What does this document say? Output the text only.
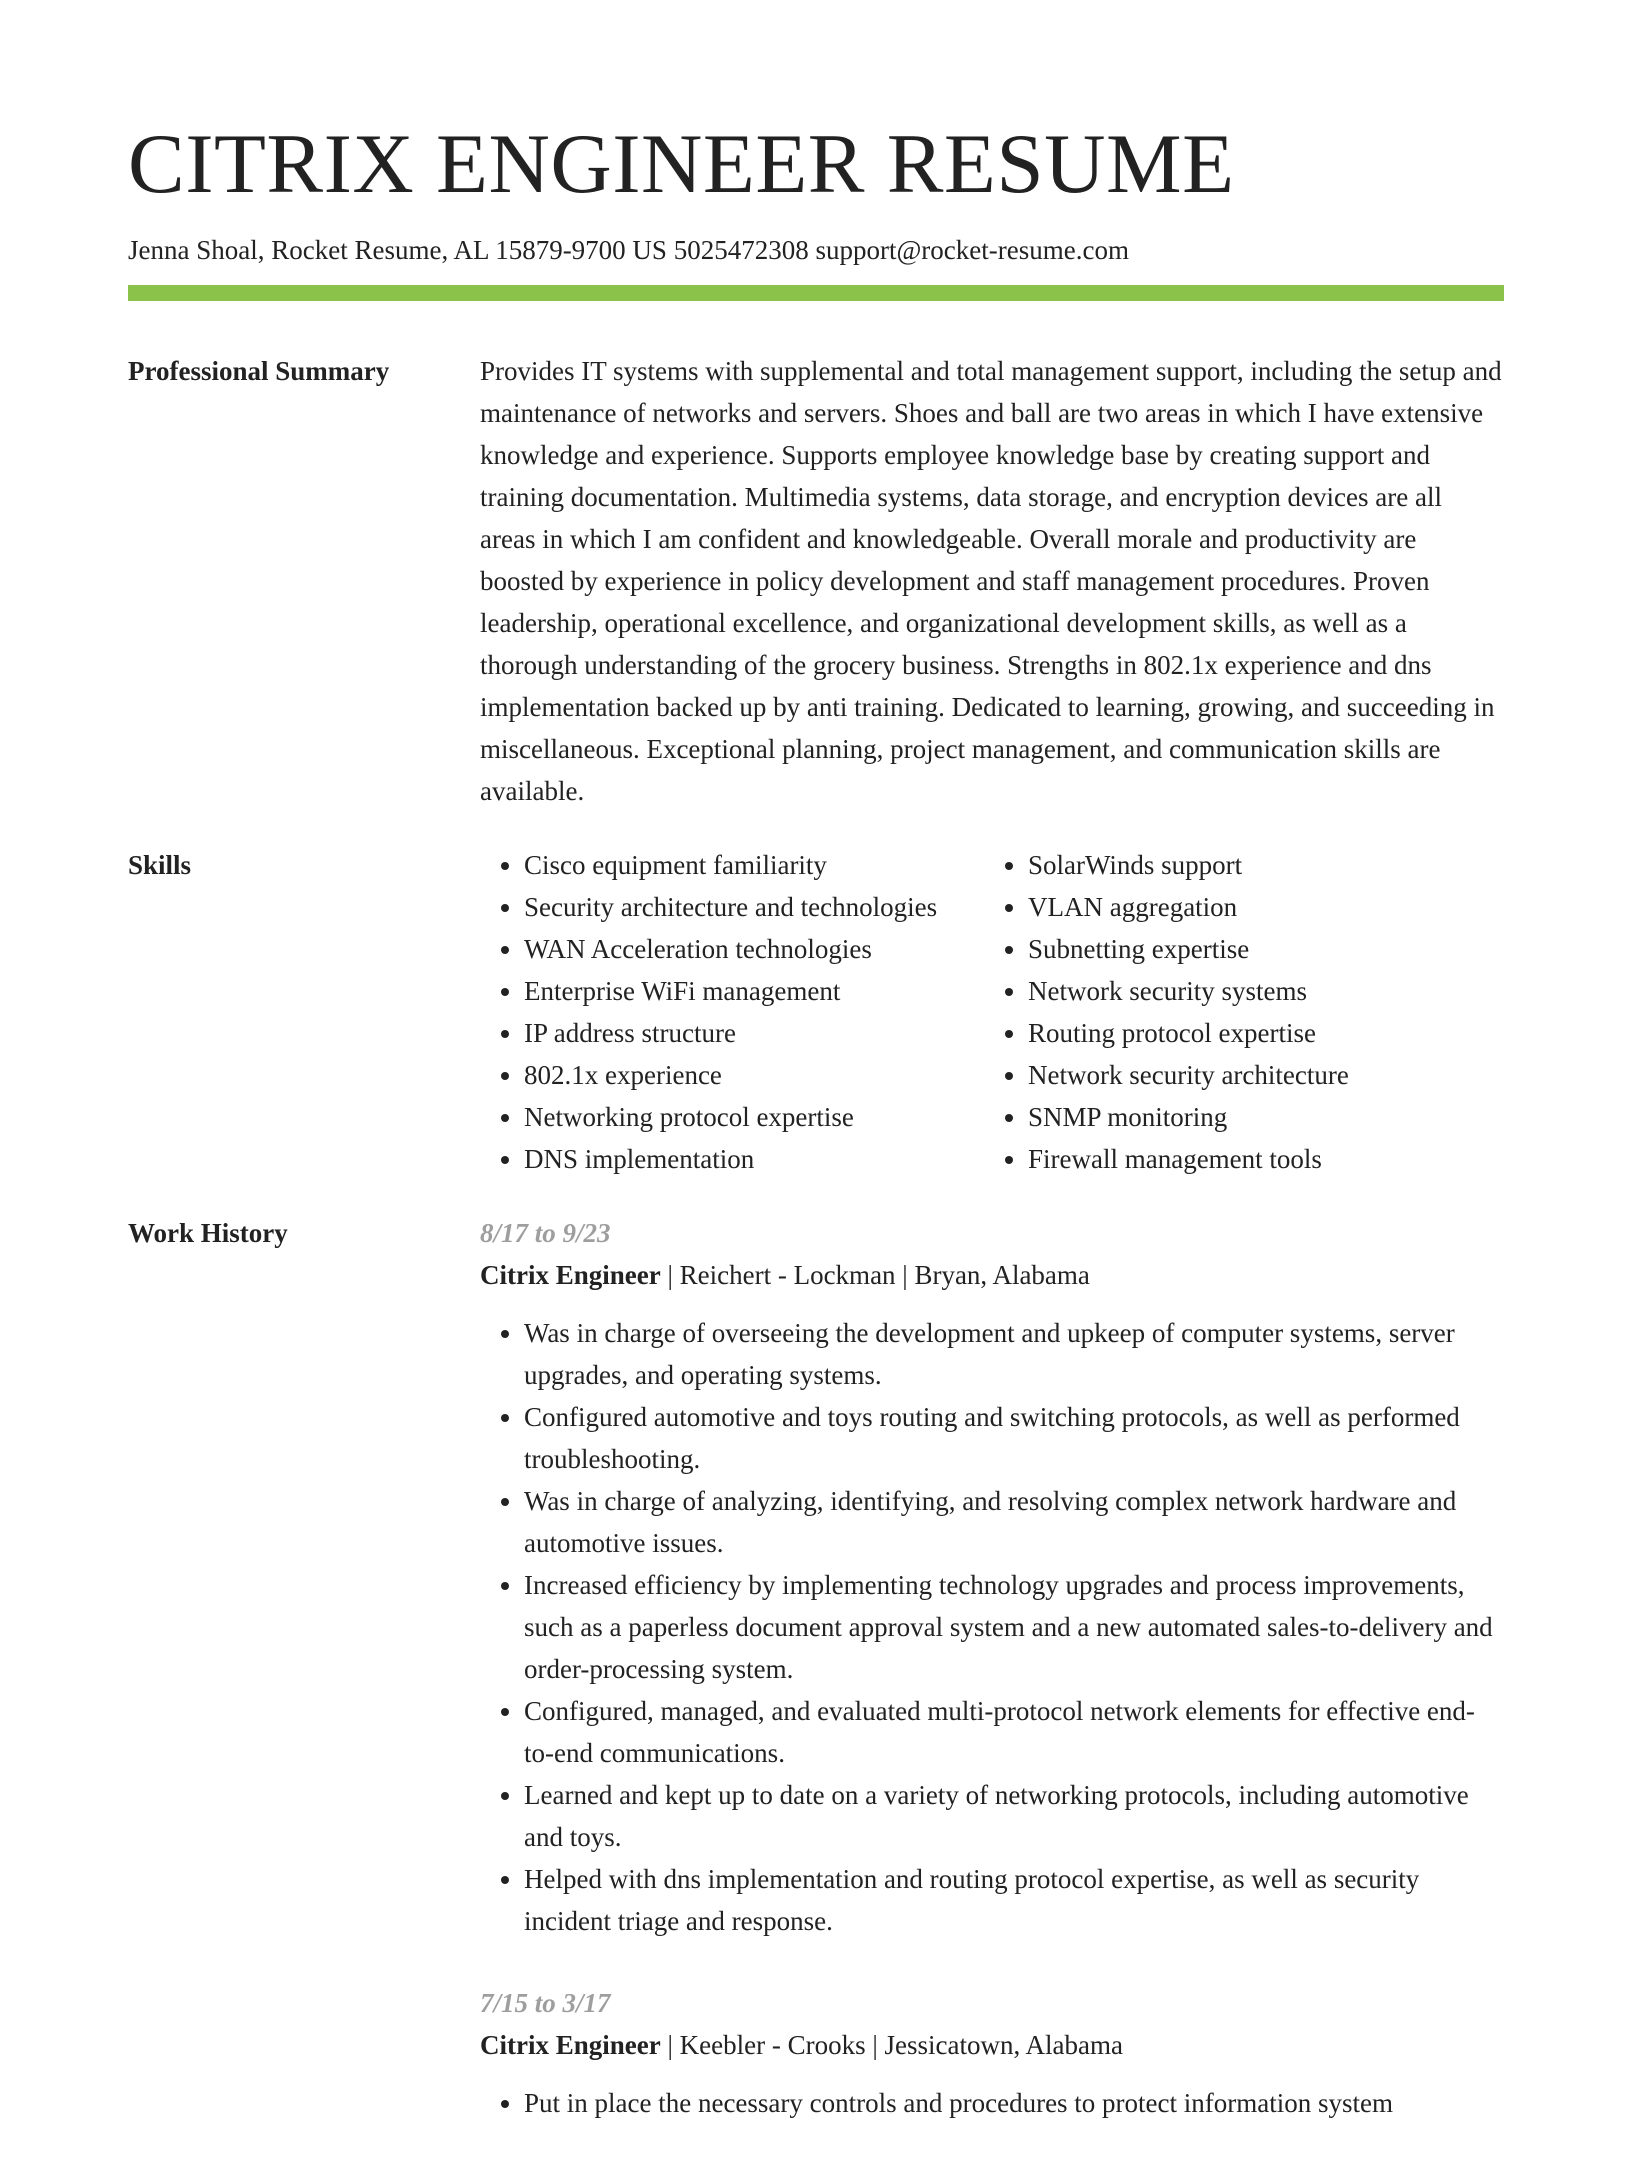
CITRIX ENGINEER RESUME
Jenna Shoal, Rocket Resume, AL 15879-9700 US 5025472308 support@rocket-resume.com
Professional Summary	Provides IT systems with supplemental and total management support, including the setup and maintenance of networks and servers. Shoes and ball are two areas in which I have extensive knowledge and experience. Supports employee knowledge base by creating support and training documentation. Multimedia systems, data storage, and encryption devices are all areas in which I am confident and knowledgeable. Overall morale and productivity are boosted by experience in policy development and staff management procedures. Proven leadership, operational excellence, and organizational development skills, as well as a thorough understanding of the grocery business. Strengths in 802.1x experience and dns implementation backed up by anti training. Dedicated to learning, growing, and succeeding in miscellaneous. Exceptional planning, project management, and communication skills are available.

Skills
•	Cisco equipment familiarity
• Security architecture and technologies
• WAN Acceleration technologies
• Enterprise WiFi management
• IP address structure
• 802.1x experience
• Networking protocol expertise
• DNS implementation
• SolarWinds support
• VLAN aggregation
• Subnetting expertise
• Network security systems
• Routing protocol expertise
• Network security architecture
• SNMP monitoring
• Firewall management tools
Work History	8/17 to 9/23
Citrix Engineer | Reichert - Lockman | Bryan, Alabama
• Was in charge of overseeing the development and upkeep of computer systems, server upgrades, and operating systems.
• Configured automotive and toys routing and switching protocols, as well as performed troubleshooting.
• Was in charge of analyzing, identifying, and resolving complex network hardware and automotive issues.
• Increased efficiency by implementing technology upgrades and process improvements, such as a paperless document approval system and a new automated sales-to-delivery and order-processing system.
• Configured, managed, and evaluated multi-protocol network elements for effective end-to-end communications.
• Learned and kept up to date on a variety of networking protocols, including automotive and toys.
• Helped with dns implementation and routing protocol expertise, as well as security incident triage and response.
7/15 to 3/17
Citrix Engineer | Keebler - Crooks | Jessicatown, Alabama
• Put in place the necessary controls and procedures to protect information system
